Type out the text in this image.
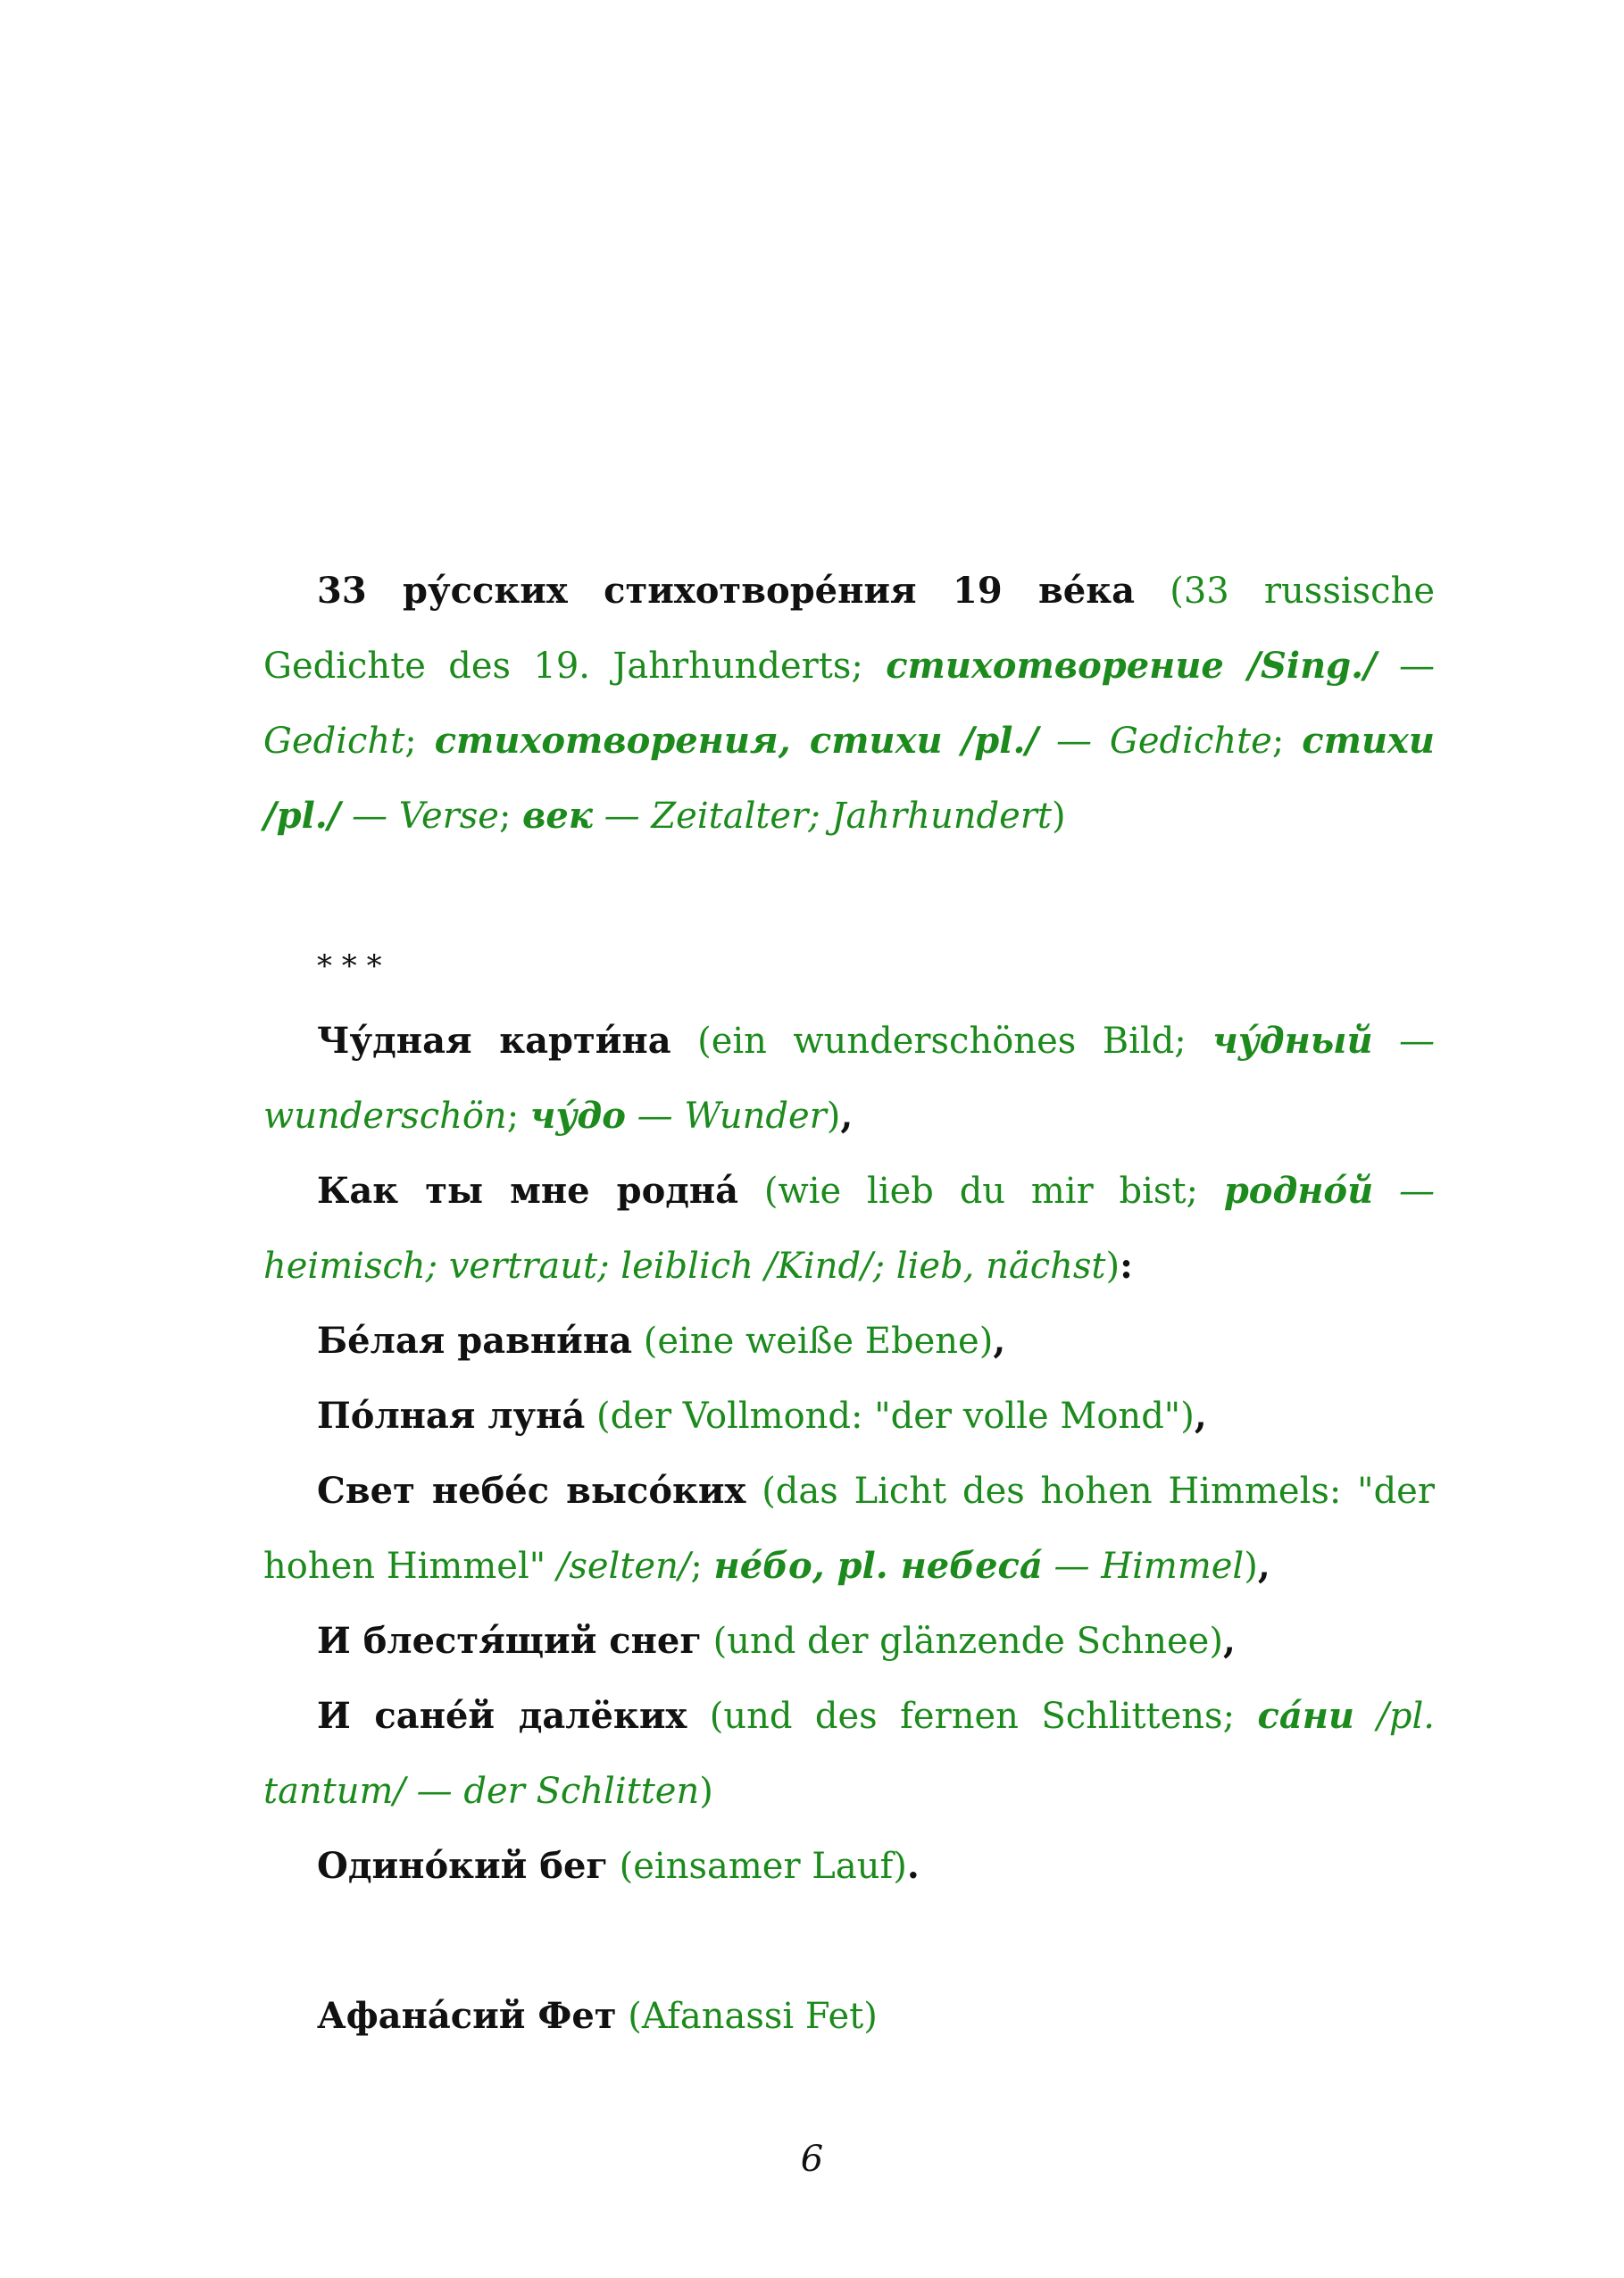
33 ру́сских стихотворе́ния 19 ве́ка (33 russische Gedichte des 19. Jahrhunderts; стихотворение /Sing./ — Gedicht; стихотворения, стихи /pl./ — Gedichte; стихи /pl./ — Verse; век — Zeitalter; Jahrhundert)

* * *

Чу́дная карти́на (ein wunderschönes Bild; чу́дный — wunderschön; чу́до — Wunder),

Как ты мне родна́ (wie lieb du mir bist; родно́й — heimisch; vertraut; leiblich /Kind/; lieb, nächst):

Бе́лая равни́на (eine weiße Ebene),

По́лная луна́ (der Vollmond: "der volle Mond"),

Свет небе́с высо́ких (das Licht des hohen Himmels: "der hohen Himmel" /selten/; не́бо, pl. небеса́ — Himmel),

И блестя́щий снег (und der glänzende Schnee),

И сане́й далёких (und des fernen Schlittens; са́ни /pl. tantum/ — der Schlitten)

Одино́кий бег (einsamer Lauf).

Афана́сий Фет (Afanassi Fet)

6
